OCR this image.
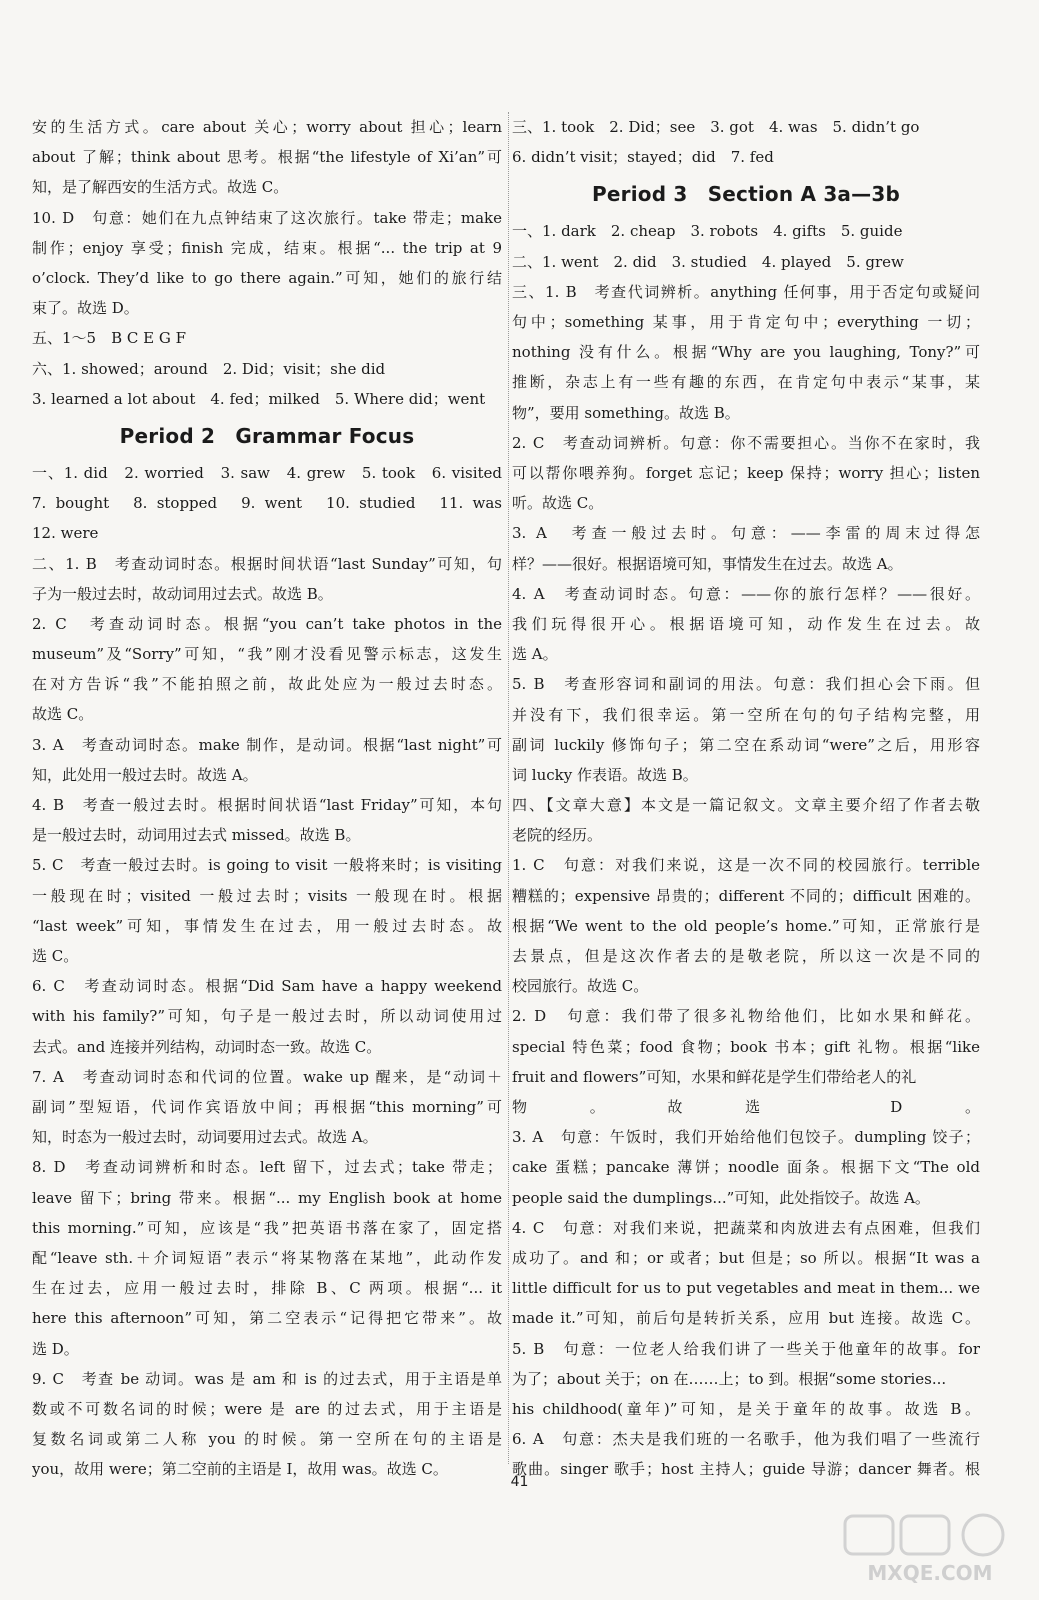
安的生活方式。care about 关心；worry about 担心；learn
about 了解；think about 思考。根据“the lifestyle of Xi’an”可
知，是了解西安的生活方式。故选 C。
10. D　句意：她们在九点钟结束了这次旅行。take 带走；make
制作；enjoy 享受；finish 完成，结束。根据“... the trip at 9
o’clock. They’d like to go there again.”可知，她们的旅行结
束了。故选 D。
五、1～5　B C E G F
六、1. showed；around　2. Did；visit；she did
3. learned a lot about　4. fed；milked　5. Where did；went
Period 2　Grammar Focus
一、1. did　2. worried　3. saw　4. grew　5. took　6. visited
7. bought　8. stopped　9. went　10. studied　11. was
12. were
二、1. B　考查动词时态。根据时间状语“last Sunday”可知，句
子为一般过去时，故动词用过去式。故选 B。
2. C　考查动词时态。根据“you can’t take photos in the
museum”及“Sorry”可知，“我”刚才没看见警示标志，这发生
在对方告诉“我”不能拍照之前，故此处应为一般过去时态。
故选 C。
3. A　考查动词时态。make 制作，是动词。根据“last night”可
知，此处用一般过去时。故选 A。
4. B　考查一般过去时。根据时间状语“last Friday”可知，本句
是一般过去时，动词用过去式 missed。故选 B。
5. C　考查一般过去时。is going to visit 一般将来时；is visiting
一般现在时；visited 一般过去时；visits 一般现在时。根据
“last week”可知，事情发生在过去，用一般过去时态。故
选 C。
6. C　考查动词时态。根据“Did Sam have a happy weekend
with his family?”可知，句子是一般过去时，所以动词使用过
去式。and 连接并列结构，动词时态一致。故选 C。
7. A　考查动词时态和代词的位置。wake up 醒来，是“动词＋
副词”型短语，代词作宾语放中间；再根据“this morning”可
知，时态为一般过去时，动词要用过去式。故选 A。
8. D　考查动词辨析和时态。left 留下，过去式；take 带走；
leave 留下；bring 带来。根据“... my English book at home
this morning.”可知，应该是“我”把英语书落在家了，固定搭
配“leave sth.＋介词短语”表示“将某物落在某地”，此动作发
生在过去，应用一般过去时，排除 B、C 两项。根据“... it
here this afternoon”可知，第二空表示“记得把它带来”。故
选 D。
9. C　考查 be 动词。was 是 am 和 is 的过去式，用于主语是单
数或不可数名词的时候；were 是 are 的过去式，用于主语是
复数名词或第二人称 you 的时候。第一空所在句的主语是
you，故用 were；第二空前的主语是 I，故用 was。故选 C。
三、1. took　2. Did；see　3. got　4. was　5. didn’t go
6. didn’t visit；stayed；did　7. fed
Period 3　Section A 3a—3b
一、1. dark　2. cheap　3. robots　4. gifts　5. guide
二、1. went　2. did　3. studied　4. played　5. grew
三、1. B　考查代词辨析。anything 任何事，用于否定句或疑问
句中；something 某事，用于肯定句中；everything 一切；
nothing 没有什么。根据“Why are you laughing, Tony?”可
推断，杂志上有一些有趣的东西，在肯定句中表示“某事，某
物”，要用 something。故选 B。
2. C　考查动词辨析。句意：你不需要担心。当你不在家时，我
可以帮你喂养狗。forget 忘记；keep 保持；worry 担心；listen
听。故选 C。
3. A　考查一般过去时。句意：——李雷的周末过得怎
样？——很好。根据语境可知，事情发生在过去。故选 A。
4. A　考查动词时态。句意：——你的旅行怎样？——很好。
我们玩得很开心。根据语境可知，动作发生在过去。故
选 A。
5. B　考查形容词和副词的用法。句意：我们担心会下雨。但
并没有下，我们很幸运。第一空所在句的句子结构完整，用
副词 luckily 修饰句子；第二空在系动词“were”之后，用形容
词 lucky 作表语。故选 B。
四、【文章大意】本文是一篇记叙文。文章主要介绍了作者去敬
老院的经历。
1. C　句意：对我们来说，这是一次不同的校园旅行。terrible
糟糕的；expensive 昂贵的；different 不同的；difficult 困难的。
根据“We went to the old people’s home.”可知，正常旅行是
去景点，但是这次作者去的是敬老院，所以这一次是不同的
校园旅行。故选 C。
2. D　句意：我们带了很多礼物给他们，比如水果和鲜花。
special 特色菜；food 食物；book 书本；gift 礼物。根据“like
fruit and flowers”可知，水果和鲜花是学生们带给老人的礼
物。故选 D。
3. A　句意：午饭时，我们开始给他们包饺子。dumpling 饺子；
cake 蛋糕；pancake 薄饼；noodle 面条。根据下文“The old
people said the dumplings...”可知，此处指饺子。故选 A。
4. C　句意：对我们来说，把蔬菜和肉放进去有点困难，但我们
成功了。and 和；or 或者；but 但是；so 所以。根据“It was a
little difficult for us to put vegetables and meat in them... we
made it.”可知，前后句是转折关系，应用 but 连接。故选 C。
5. B　句意：一位老人给我们讲了一些关于他童年的故事。for
为了；about 关于；on 在……上；to 到。根据“some stories...
his childhood(童年)”可知，是关于童年的故事。故选 B。
6. A　句意：杰夫是我们班的一名歌手，他为我们唱了一些流行
歌曲。singer 歌手；host 主持人；guide 导游；dancer 舞者。根
41
MXQE.COM
